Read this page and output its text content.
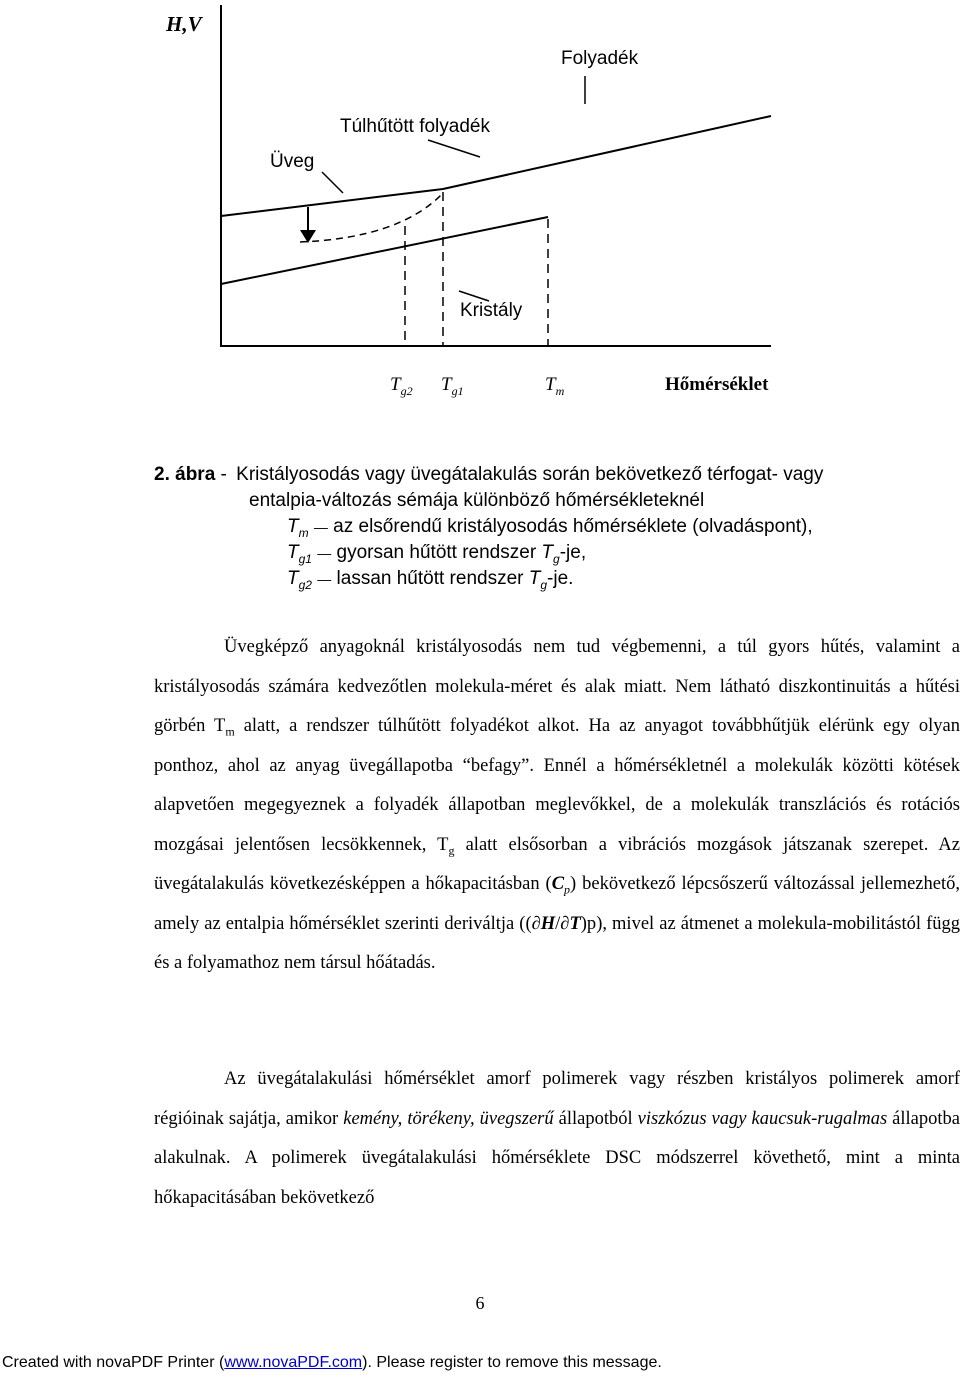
H,V
Folyadék
Túlhűtött folyadék
Üveg
Kristály
$T_{g2}$ $T_{g1}$	$T_m$	Hőmérséklet
2. ábra - Kristályosodás vagy üvegátalakulás során bekövetkező térfogat- vagy
entalpia-változás sémája különböző hőmérsékleteknél
$T_m$ — az elsőrendű kristályosodás hőmérséklete (olvadáspont),
$T_{g1}$ — gyorsan hűtött rendszer $T_g-je$,
$T_{g2}$ — lassan hűtött rendszer $T_g-je$.
Üvegképző anyagoknál kristályosodás nem tud végbemenni, a túl gyors hűtés, valamint a kristályosodás számára kedvezőtlen molekula-méret és alak miatt. Nem látható diszkontinuitás a hűtési görbén $T_m$ alatt, a rendszer túlhűtött folyadékot alkot. Ha az anyagot továbbhűtjük elérünk egy olyan ponthoz, ahol az anyag üvegállapotba “befagy”. Ennél a hőmérsékletnél a molekulák közötti kötések alapvetően megegyeznek a folyadék állapotban meglevőkkel, de a molekulák transzlációs és rotációs mozgásai jelentősen lecsökkennek, $T_g$ alatt elsősorban a vibrációs mozgások játszanak szerepet. Az üvegátalakulás következésképpen a hőkapacitásban $(C_p)$ bekövetkező lépcsőszerű változással jellemezhető, amely az entalpia hőmérséklet szerinti deriváltja ((∂H/∂T)p), mivel az átmenet a molekula-mobilitástól függ és a folyamathoz nem társul hőátadás.
Az üvegátalakulási hőmérséklet amorf polimerek vagy részben kristályos polimerek amorf régióinak sajátja, amikor kemény, törékeny, üvegszerű állapotból viszkózus vagy kaucsuk-rugalmas állapotba alakulnak. A polimerek üvegátalakulási hőmérséklete DSC módszerrel követhető, mint a minta hőkapacitásában bekövetkező
6
Created with novaPDF Printer (www.novaPDF.com). Please register to remove this message.
